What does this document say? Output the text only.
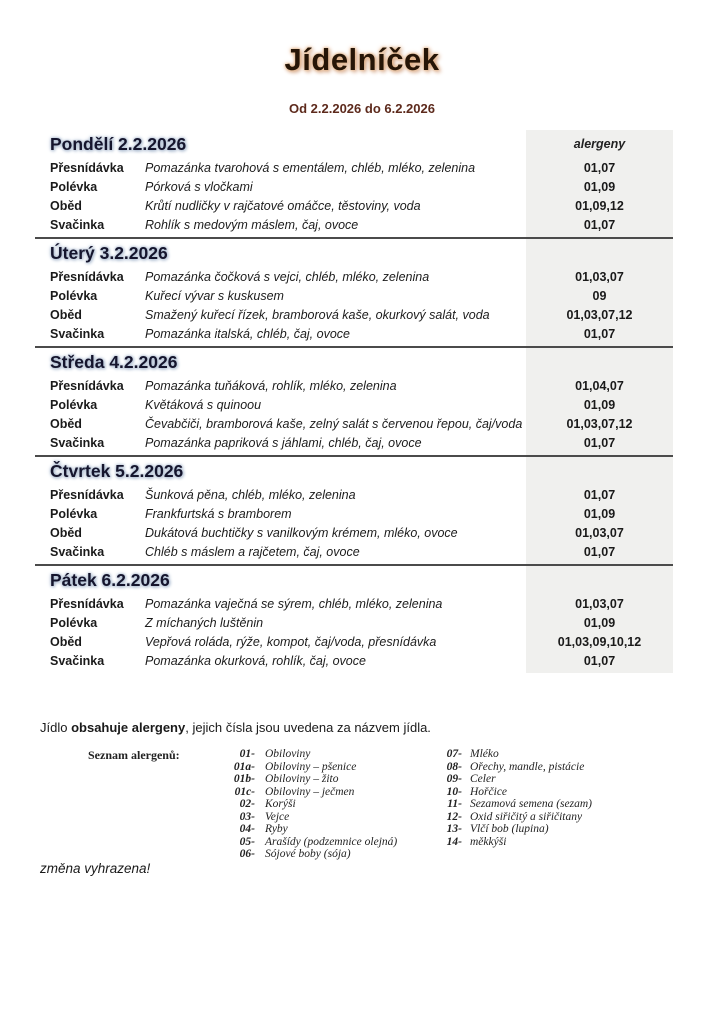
Jídelníček
Od 2.2.2026 do 6.2.2026
Pondělí 2.2.2026	alergeny
Přesnídávka	Pomazánka tvarohová s ementálem, chléb, mléko, zelenina	01,07
Polévka	Pórková s vločkami	01,09
Oběd	Krůtí nudličky v rajčatové omáčce, těstoviny, voda	01,09,12
Svačinka	Rohlík s medovým máslem, čaj, ovoce	01,07
Úterý 3.2.2026
Přesnídávka	Pomazánka čočková s vejci, chléb, mléko, zelenina	01,03,07
Polévka	Kuřecí vývar s kuskusem	09
Oběd	Smažený kuřecí řízek, bramborová kaše, okurkový salát, voda	01,03,07,12
Svačinka	Pomazánka italská, chléb, čaj, ovoce	01,07
Středa 4.2.2026
Přesnídávka	Pomazánka tuňáková, rohlík, mléko, zelenina	01,04,07
Polévka	Květáková s quinoou	01,09
Oběd	Čevabčiči, bramborová kaše, zelný salát s červenou řepou, čaj/voda	01,03,07,12
Svačinka	Pomazánka papriková s jáhlami, chléb, čaj, ovoce	01,07
Čtvrtek 5.2.2026
Přesnídávka	Šunková pěna, chléb, mléko, zelenina	01,07
Polévka	Frankfurtská s bramborem	01,09
Oběd	Dukátová buchtičky s vanilkovým krémem, mléko, ovoce	01,03,07
Svačinka	Chléb s máslem a rajčetem, čaj, ovoce	01,07
Pátek 6.2.2026
Přesnídávka	Pomazánka vaječná se sýrem, chléb, mléko, zelenina	01,03,07
Polévka	Z míchaných luštěnin	01,09
Oběd	Vepřová roláda, rýže, kompot, čaj/voda, přesnídávka	01,03,09,10,12
Svačinka	Pomazánka okurková, rohlík, čaj, ovoce	01,07
Jídlo obsahuje alergeny, jejich čísla jsou uvedena za názvem jídla.
Seznam alergenů:	01- Obiloviny
01a- Obiloviny – pšenice
01b- Obiloviny – žito
01c- Obiloviny – ječmen
02- Korýši
03- Vejce
04- Ryby
05- Arašídy (podzemnice olejná)
06- Sójové boby (sója)
07- Mléko
08- Ořechy, mandle, pistácie
09- Celer
10- Hořčice
11- Sezamová semena (sezam)
12- Oxid siřičitý a siřičitany
13- Vlčí bob (lupina)
14- měkkýši
změna vyhrazena!
